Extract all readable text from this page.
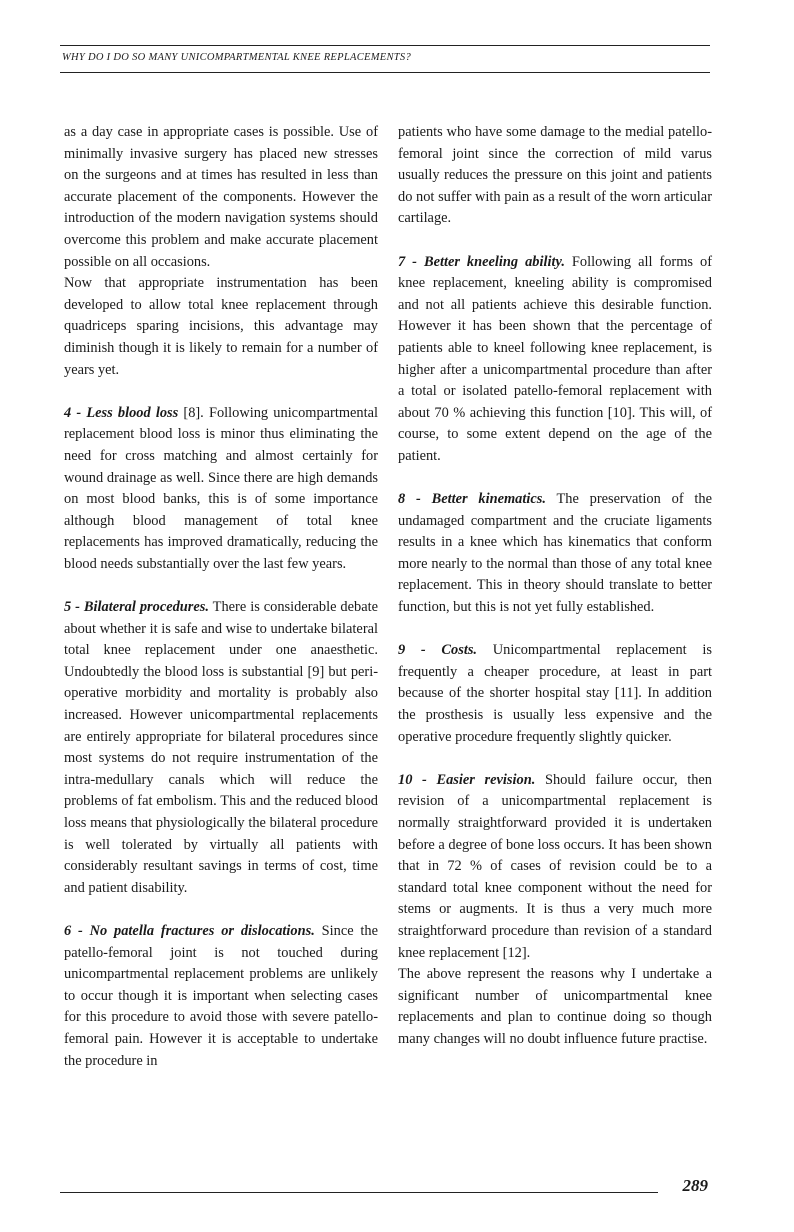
WHY DO I DO SO MANY UNICOMPARTMENTAL KNEE REPLACEMENTS?

as a day case in appropriate cases is possible. Use of minimally invasive surgery has placed new stresses on the surgeons and at times has resulted in less than accurate placement of the components. However the introduction of the modern navigation systems should overcome this problem and make accurate placement possible on all occasions.

Now that appropriate instrumentation has been developed to allow total knee replacement through quadriceps sparing incisions, this advantage may diminish though it is likely to remain for a number of years yet.

4 - Less blood loss [8]. Following unicompartmental replacement blood loss is minor thus eliminating the need for cross matching and almost certainly for wound drainage as well. Since there are high demands on most blood banks, this is of some importance although blood management of total knee replacements has improved dramatically, reducing the blood needs substantially over the last few years.

5 - Bilateral procedures. There is considerable debate about whether it is safe and wise to undertake bilateral total knee replacement under one anaesthetic. Undoubtedly the blood loss is substantial [9] but peri-operative morbidity and mortality is probably also increased. However unicompartmental replacements are entirely appropriate for bilateral procedures since most systems do not require instrumentation of the intra-medullary canals which will reduce the problems of fat embolism. This and the reduced blood loss means that physiologically the bilateral procedure is well tolerated by virtually all patients with considerably resultant savings in terms of cost, time and patient disability.

6 - No patella fractures or dislocations. Since the patello-femoral joint is not touched during unicompartmental replacement problems are unlikely to occur though it is important when selecting cases for this procedure to avoid those with severe patello-femoral pain. However it is acceptable to undertake the procedure in

patients who have some damage to the medial patello-femoral joint since the correction of mild varus usually reduces the pressure on this joint and patients do not suffer with pain as a result of the worn articular cartilage.

7 - Better kneeling ability. Following all forms of knee replacement, kneeling ability is compromised and not all patients achieve this desirable function. However it has been shown that the percentage of patients able to kneel following knee replacement, is higher after a unicompartmental procedure than after a total or isolated patello-femoral replacement with about 70 % achieving this function [10]. This will, of course, to some extent depend on the age of the patient.

8 - Better kinematics. The preservation of the undamaged compartment and the cruciate ligaments results in a knee which has kinematics that conform more nearly to the normal than those of any total knee replacement. This in theory should translate to better function, but this is not yet fully established.

9 - Costs. Unicompartmental replacement is frequently a cheaper procedure, at least in part because of the shorter hospital stay [11]. In addition the prosthesis is usually less expensive and the operative procedure frequently slightly quicker.

10 - Easier revision. Should failure occur, then revision of a unicompartmental replacement is normally straightforward provided it is undertaken before a degree of bone loss occurs. It has been shown that in 72 % of cases of revision could be to a standard total knee component without the need for stems or augments. It is thus a very much more straightforward procedure than revision of a standard knee replacement [12].

The above represent the reasons why I undertake a significant number of unicompartmental knee replacements and plan to continue doing so though many changes will no doubt influence future practise.

289
